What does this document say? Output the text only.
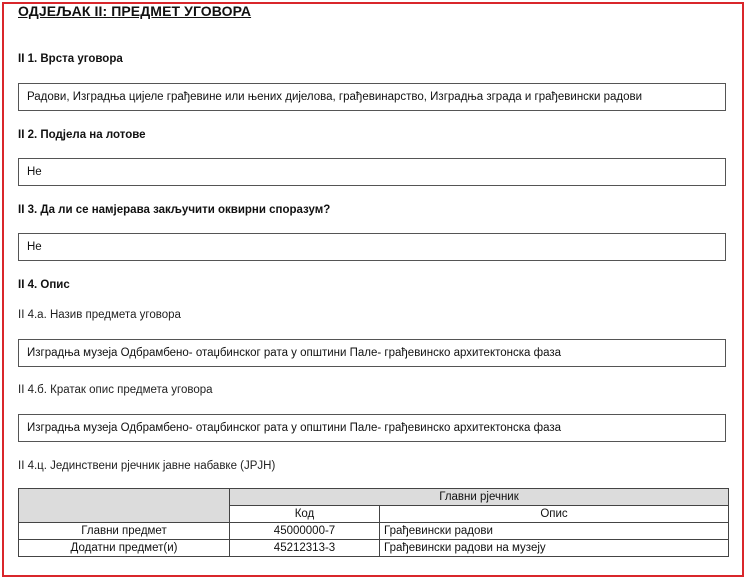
ОДЈЕЉАК II: ПРЕДМЕТ УГОВОРА
II 1. Врста уговора
Радови, Изградња цијеле грађевине или њених дијелова, грађевинарство, Изградња зграда и грађевински радови
II 2. Подјела на лотове
Не
II 3. Да ли се намјерава закључити оквирни споразум?
Не
II 4. Опис
II 4.а. Назив предмета уговора
Изградња музеја Одбрамбено- отаџбинског рата у општини Пале- грађевинско архитектонска фаза
II 4.б. Кратак опис предмета уговора
Изградња музеја Одбрамбено- отаџбинског рата у општини Пале- грађевинско архитектонска фаза
II 4.ц. Јединствени рјечник јавне набавке (ЈРЈН)
	Главни рјечник	
	Код	Опис
Главни предмет	45000000-7	Грађевински радови
Додатни предмет(и)	45212313-3	Грађевински радови на музеју
